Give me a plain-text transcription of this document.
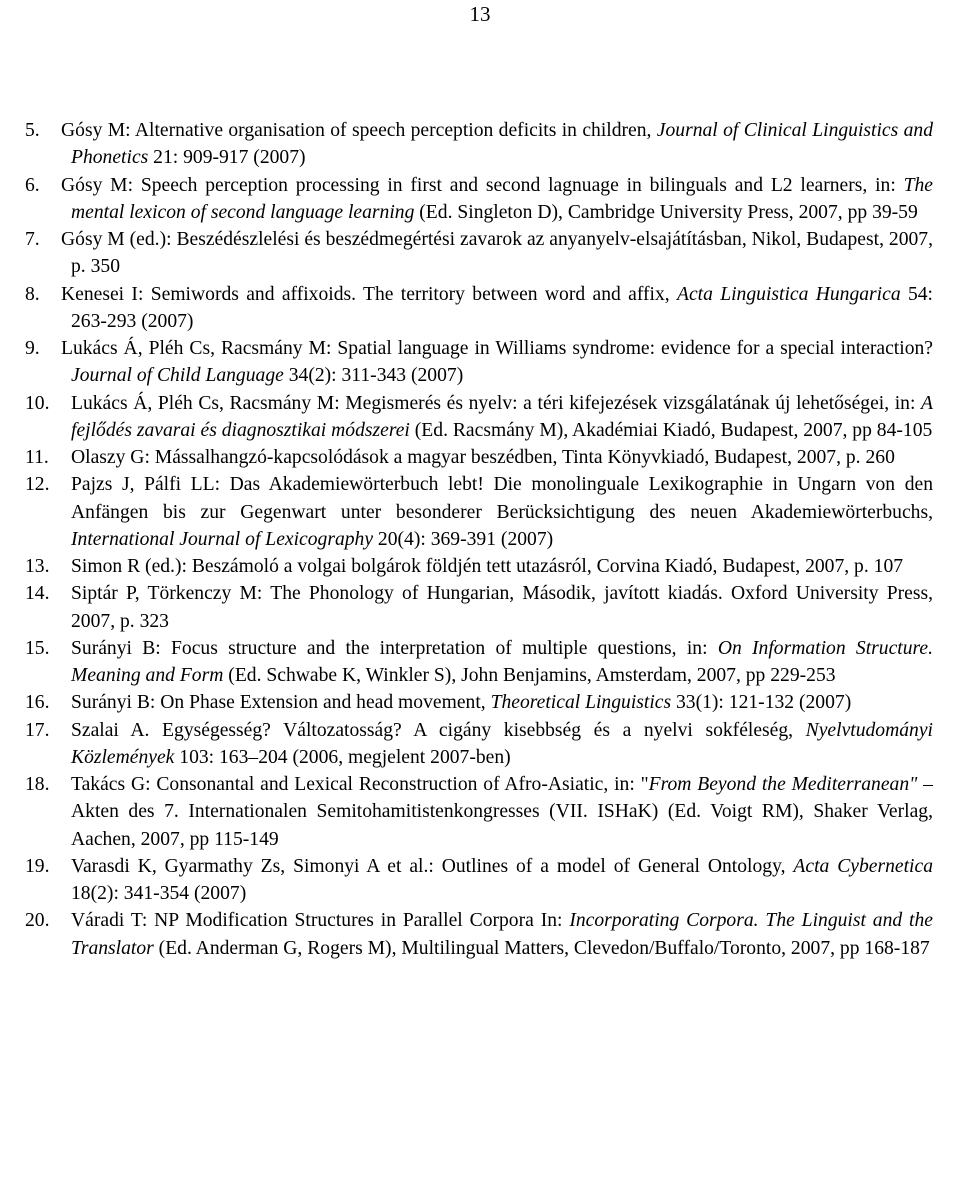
13
5. Gósy M: Alternative organisation of speech perception deficits in children, Journal of Clinical Linguistics and Phonetics 21: 909-917 (2007)
6. Gósy M: Speech perception processing in first and second lagnuage in bilinguals and L2 learners, in: The mental lexicon of second language learning (Ed. Singleton D), Cambridge University Press, 2007, pp 39-59
7. Gósy M (ed.): Beszédészlelési és beszédmegértési zavarok az anyanyelv-elsajátításban, Nikol, Budapest, 2007, p. 350
8. Kenesei I: Semiwords and affixoids. The territory between word and affix, Acta Linguistica Hungarica 54: 263-293 (2007)
9. Lukács Á, Pléh Cs, Racsmány M: Spatial language in Williams syndrome: evidence for a special interaction? Journal of Child Language 34(2): 311-343 (2007)
10. Lukács Á, Pléh Cs, Racsmány M: Megismerés és nyelv: a téri kifejezések vizsgálatának új lehetőségei, in: A fejlődés zavarai és diagnosztikai módszerei (Ed. Racsmány M), Akadémiai Kiadó, Budapest, 2007, pp 84-105
11. Olaszy G: Mássalhangzó-kapcsolódások a magyar beszédben, Tinta Könyvkiadó, Budapest, 2007, p. 260
12. Pajzs J, Pálfi LL: Das Akademiewörterbuch lebt! Die monolinguale Lexikographie in Ungarn von den Anfängen bis zur Gegenwart unter besonderer Berücksichtigung des neuen Akademiewörterbuchs, International Journal of Lexicography 20(4): 369-391 (2007)
13. Simon R (ed.): Beszámoló a volgai bolgárok földjén tett utazásról, Corvina Kiadó, Budapest, 2007, p. 107
14. Siptár P, Törkenczy M: The Phonology of Hungarian, Második, javított kiadás. Oxford University Press, 2007, p. 323
15. Surányi B: Focus structure and the interpretation of multiple questions, in: On Information Structure. Meaning and Form (Ed. Schwabe K, Winkler S), John Benjamins, Amsterdam, 2007, pp 229-253
16. Surányi B: On Phase Extension and head movement, Theoretical Linguistics 33(1): 121-132 (2007)
17. Szalai A. Egységesség? Változatosság? A cigány kisebbség és a nyelvi sokféleség, Nyelvtudományi Közlemények 103: 163–204 (2006, megjelent 2007-ben)
18. Takács G: Consonantal and Lexical Reconstruction of Afro-Asiatic, in: "From Beyond the Mediterranean" – Akten des 7. Internationalen Semitohamitistenkongresses (VII. ISHaK) (Ed. Voigt RM), Shaker Verlag, Aachen, 2007, pp 115-149
19. Varasdi K, Gyarmathy Zs, Simonyi A et al.: Outlines of a model of General Ontology, Acta Cybernetica 18(2): 341-354 (2007)
20. Váradi T: NP Modification Structures in Parallel Corpora In: Incorporating Corpora. The Linguist and the Translator (Ed. Anderman G, Rogers M), Multilingual Matters, Clevedon/Buffalo/Toronto, 2007, pp 168-187
